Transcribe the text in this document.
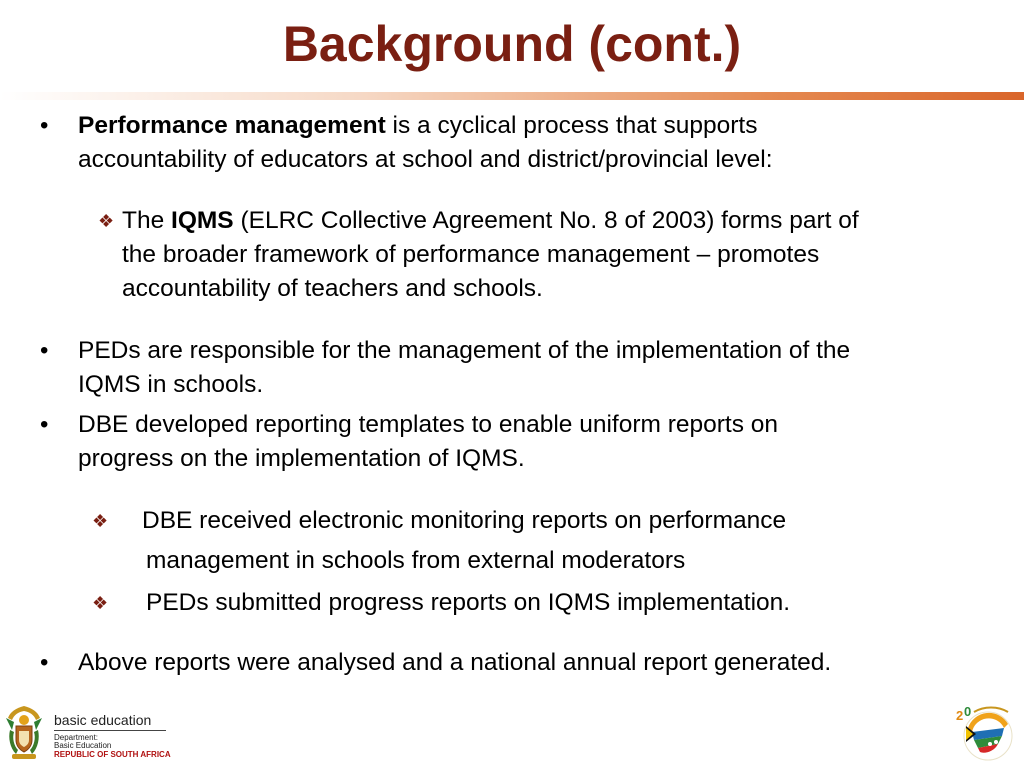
Background (cont.)
• Performance management is a cyclical process that supports
accountability of educators at school and district/provincial level:
❖ The IQMS (ELRC Collective Agreement No. 8 of 2003) forms part of
the broader framework of performance management – promotes
accountability of teachers and schools.
• PEDs are responsible for the management of the implementation of the
IQMS in schools.
• DBE developed reporting templates to enable uniform reports on
progress on the implementation of IQMS.
❖ DBE received electronic monitoring reports on performance
management in schools from external moderators
❖ PEDs submitted progress reports on IQMS implementation.
• Above reports were analysed and a national annual report generated.
basic education
Department:
Basic Education
REPUBLIC OF SOUTH AFRICA
2 0
